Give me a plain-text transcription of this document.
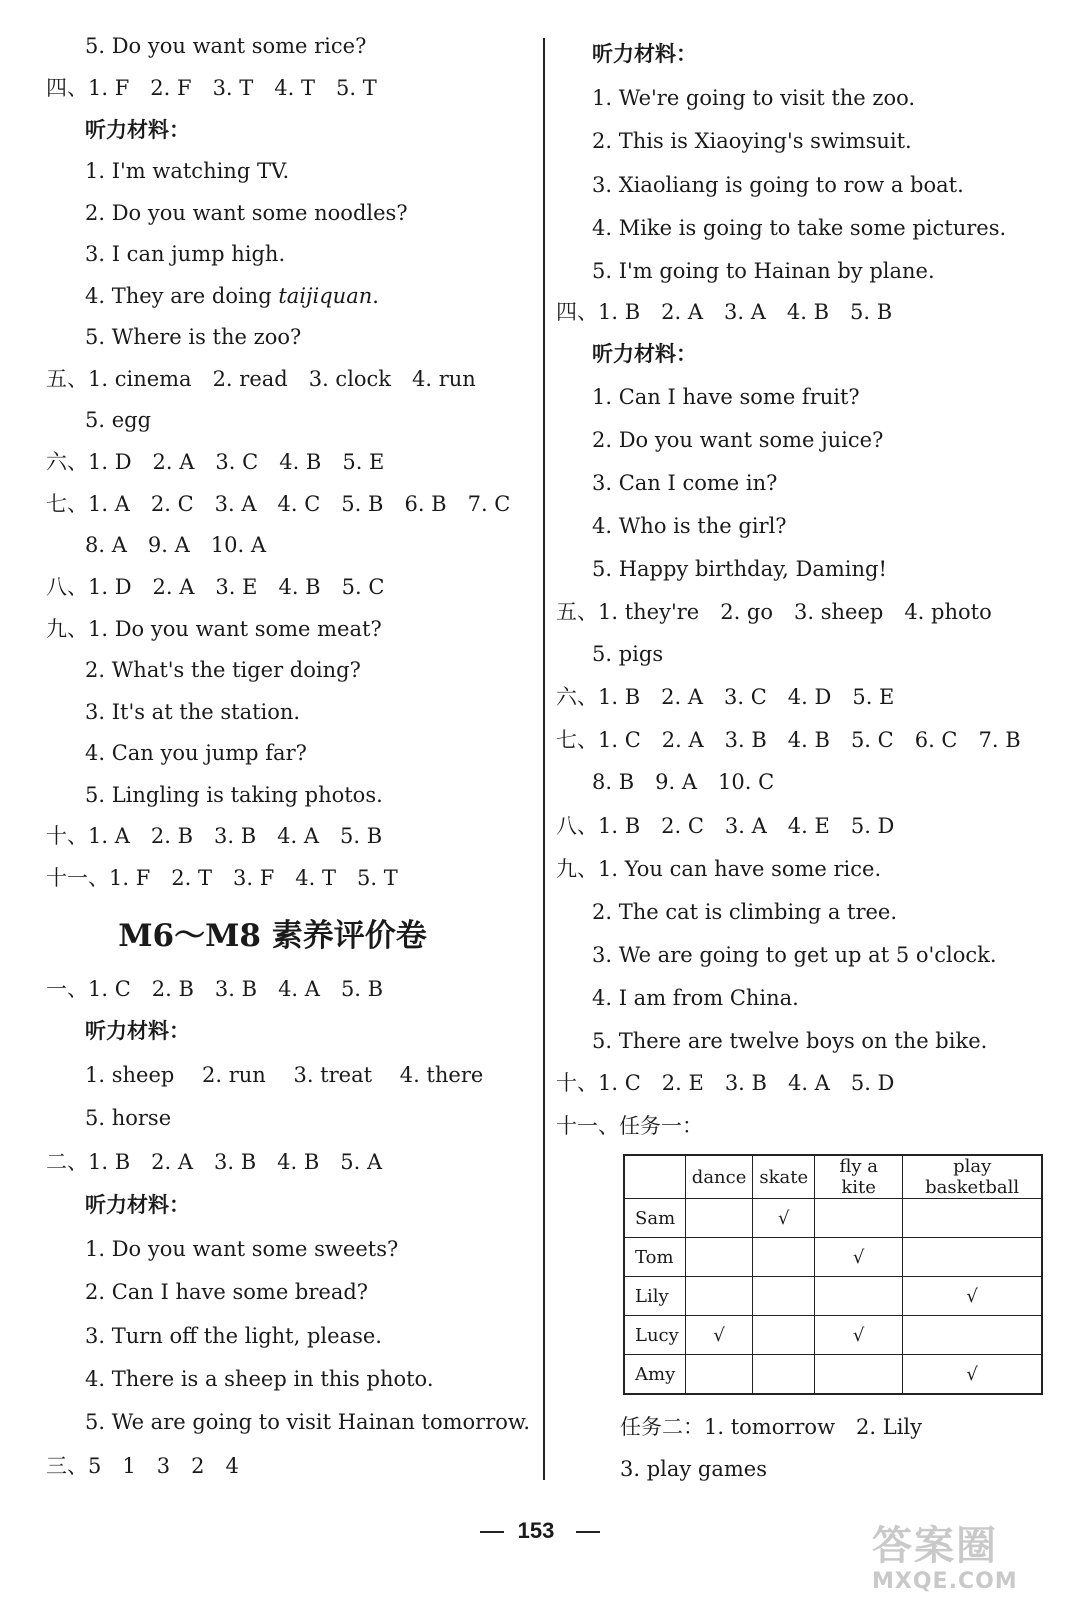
5. Do you want some rice?
四、1. F　2. F　3. T　4. T　5. T
听力材料：
1. I'm watching TV.
2. Do you want some noodles?
3. I can jump high.
4. They are doing taijiquan.
5. Where is the zoo?
五、1. cinema　2. read　3. clock　4. run
5. egg
六、1. D　2. A　3. C　4. B　5. E
七、1. A　2. C　3. A　4. C　5. B　6. B　7. C
8. A　9. A　10. A
八、1. D　2. A　3. E　4. B　5. C
九、1. Do you want some meat?
2. What's the tiger doing?
3. It's at the station.
4. Can you jump far?
5. Lingling is taking photos.
十、1. A　2. B　3. B　4. A　5. B
十一、1. F　2. T　3. F　4. T　5. T
M6～M8 素养评价卷
一、1. C　2. B　3. B　4. A　5. B
听力材料：
1. sheep　 2. run　 3. treat　 4. there
5. horse
二、1. B　2. A　3. B　4. B　5. A
听力材料：
1. Do you want some sweets?
2. Can I have some bread?
3. Turn off the light, please.
4. There is a sheep in this photo.
5. We are going to visit Hainan tomorrow.
三、5　1　3　2　4
听力材料：
1. We're going to visit the zoo.
2. This is Xiaoying's swimsuit.
3. Xiaoliang is going to row a boat.
4. Mike is going to take some pictures.
5. I'm going to Hainan by plane.
四、1. B　2. A　3. A　4. B　5. B
听力材料：
1. Can I have some fruit?
2. Do you want some juice?
3. Can I come in?
4. Who is the girl?
5. Happy birthday, Daming!
五、1. they're　2. go　3. sheep　4. photo
5. pigs
六、1. B　2. A　3. C　4. D　5. E
七、1. C　2. A　3. B　4. B　5. C　6. C　7. B
8. B　9. A　10. C
八、1. B　2. C　3. A　4. E　5. D
九、1. You can have some rice.
2. The cat is climbing a tree.
3. We are going to get up at 5 o'clock.
4. I am from China.
5. There are twelve boys on the bike.
十、1. C　2. E　3. B　4. A　5. D
十一、任务一：
	dance	skate	fly a kite	play basketball
Sam		√		
Tom			√	
Lily				√
Lucy	√		√	
Amy				√
任务二：1. tomorrow　2. Lily
3. play games
153	答案圈
MXQE.COM
